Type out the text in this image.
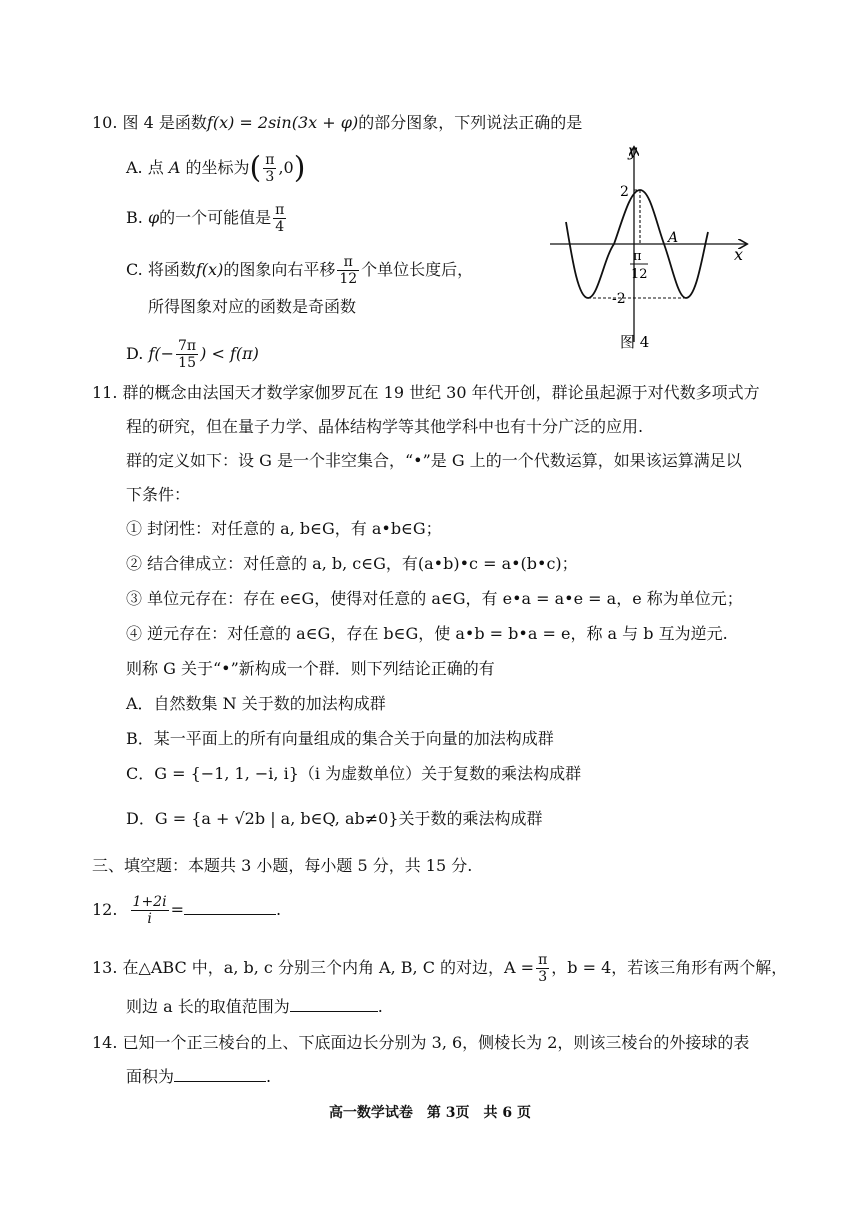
10. 图 4 是函数f(x) = 2sin(3x + φ)的部分图象，下列说法正确的是
A. 点 A 的坐标为( $\frac{\pi}{3} ,0$)
B. φ的一个可能值是 $\frac{\pi}{4}$
C. 将函数f(x)的图象向右平移 $\frac{\pi}{12}$ 个单位长度后，
所得图象对应的函数是奇函数
D. $f(- \frac{7\pi}{15}$ ) < f(π)
y
x
2
-2
A
π
12
图 4
11. 群的概念由法国天才数学家伽罗瓦在 19 世纪 30 年代开创，群论虽起源于对代数多项式方
程的研究，但在量子力学、晶体结构学等其他学科中也有十分广泛的应用.
群的定义如下：设 G 是一个非空集合，“•”是 G 上的一个代数运算，如果该运算满足以
下条件：
① 封闭性：对任意的 a, b∈G，有 a•b∈G；
② 结合律成立：对任意的 a, b, c∈G，有(a•b)•c = a•(b•c)；
③ 单位元存在：存在 e∈G，使得对任意的 a∈G，有 e•a = a•e = a，e 称为单位元；
④ 逆元存在：对任意的 a∈G，存在 b∈G，使 a•b = b•a = e，称 a 与 b 互为逆元.
则称 G 关于“•”新构成一个群．则下列结论正确的有
A．自然数集 N 关于数的加法构成群
B．某一平面上的所有向量组成的集合关于向量的加法构成群
C．G = {−1, 1, −i, i}（i 为虚数单位）关于复数的乘法构成群
D．G = {a + √2b | a, b∈Q, ab≠0}关于数的乘法构成群
三、填空题：本题共 3 小题，每小题 5 分，共 15 分.
12. $\frac{1+2i}{i}$ =	.
13. 在△ABC 中，a, b, c 分别三个内角 A, B, C 的对边，$A = \frac{\pi}{3}$ ，b = 4，若该三角形有两个解，
则边 a 长的取值范围为	.
14. 已知一个正三棱台的上、下底面边长分别为 3, 6，侧棱长为 2，则该三棱台的外接球的表
面积为	.
高一数学试卷　第 3页　共 6 页
